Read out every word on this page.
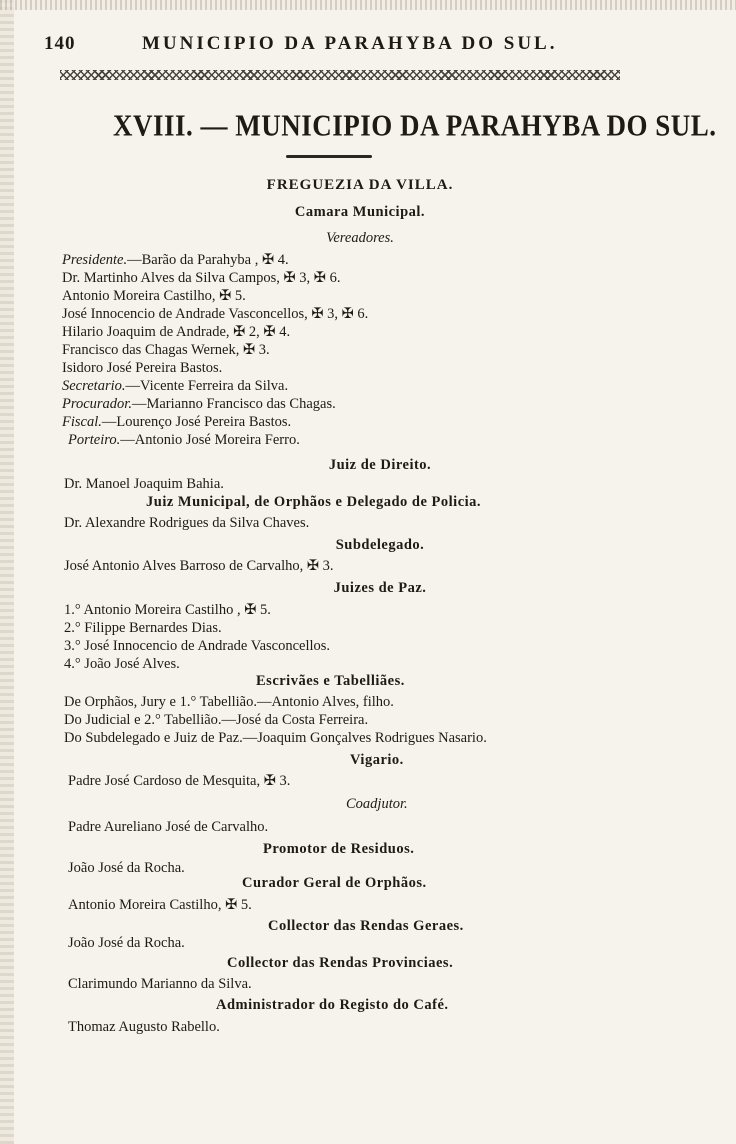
140	MUNICIPIO DA PARAHYBA DO SUL.
XVIII. — MUNICIPIO DA PARAHYBA DO SUL.
FREGUEZIA DA VILLA.
Camara Municipal.
Vereadores.
Presidente.—Barão da Parahyba , ✠ 4.
Dr. Martinho Alves da Silva Campos, ✠ 3, ✠ 6.
Antonio Moreira Castilho, ✠ 5.
José Innocencio de Andrade Vasconcellos, ✠ 3, ✠ 6.
Hilario Joaquim de Andrade, ✠ 2, ✠ 4.
Francisco das Chagas Wernek, ✠ 3.
Isidoro José Pereira Bastos.
Secretario.—Vicente Ferreira da Silva.
Procurador.—Marianno Francisco das Chagas.
Fiscal.—Lourenço José Pereira Bastos.
Porteiro.—Antonio José Moreira Ferro.
Juiz de Direito.
Dr. Manoel Joaquim Bahia.
Juiz Municipal, de Orphãos e Delegado de Policia.
Dr. Alexandre Rodrigues da Silva Chaves.
Subdelegado.
José Antonio Alves Barroso de Carvalho, ✠ 3.
Juizes de Paz.
1.° Antonio Moreira Castilho , ✠ 5.
2.° Filippe Bernardes Dias.
3.° José Innocencio de Andrade Vasconcellos.
4.° João José Alves.
Escrivães e Tabelliães.
De Orphãos, Jury e 1.° Tabellião.—Antonio Alves, filho.
Do Judicial e 2.° Tabellião.—José da Costa Ferreira.
Do Subdelegado e Juiz de Paz.—Joaquim Gonçalves Rodrigues Nasario.
Vigario.
Padre José Cardoso de Mesquita, ✠ 3.
Coadjutor.
Padre Aureliano José de Carvalho.
Promotor de Residuos.
João José da Rocha.
Curador Geral de Orphãos.
Antonio Moreira Castilho, ✠ 5.
Collector das Rendas Geraes.
João José da Rocha.
Collector das Rendas Provinciaes.
Clarimundo Marianno da Silva.
Administrador do Registo do Café.
Thomaz Augusto Rabello.
